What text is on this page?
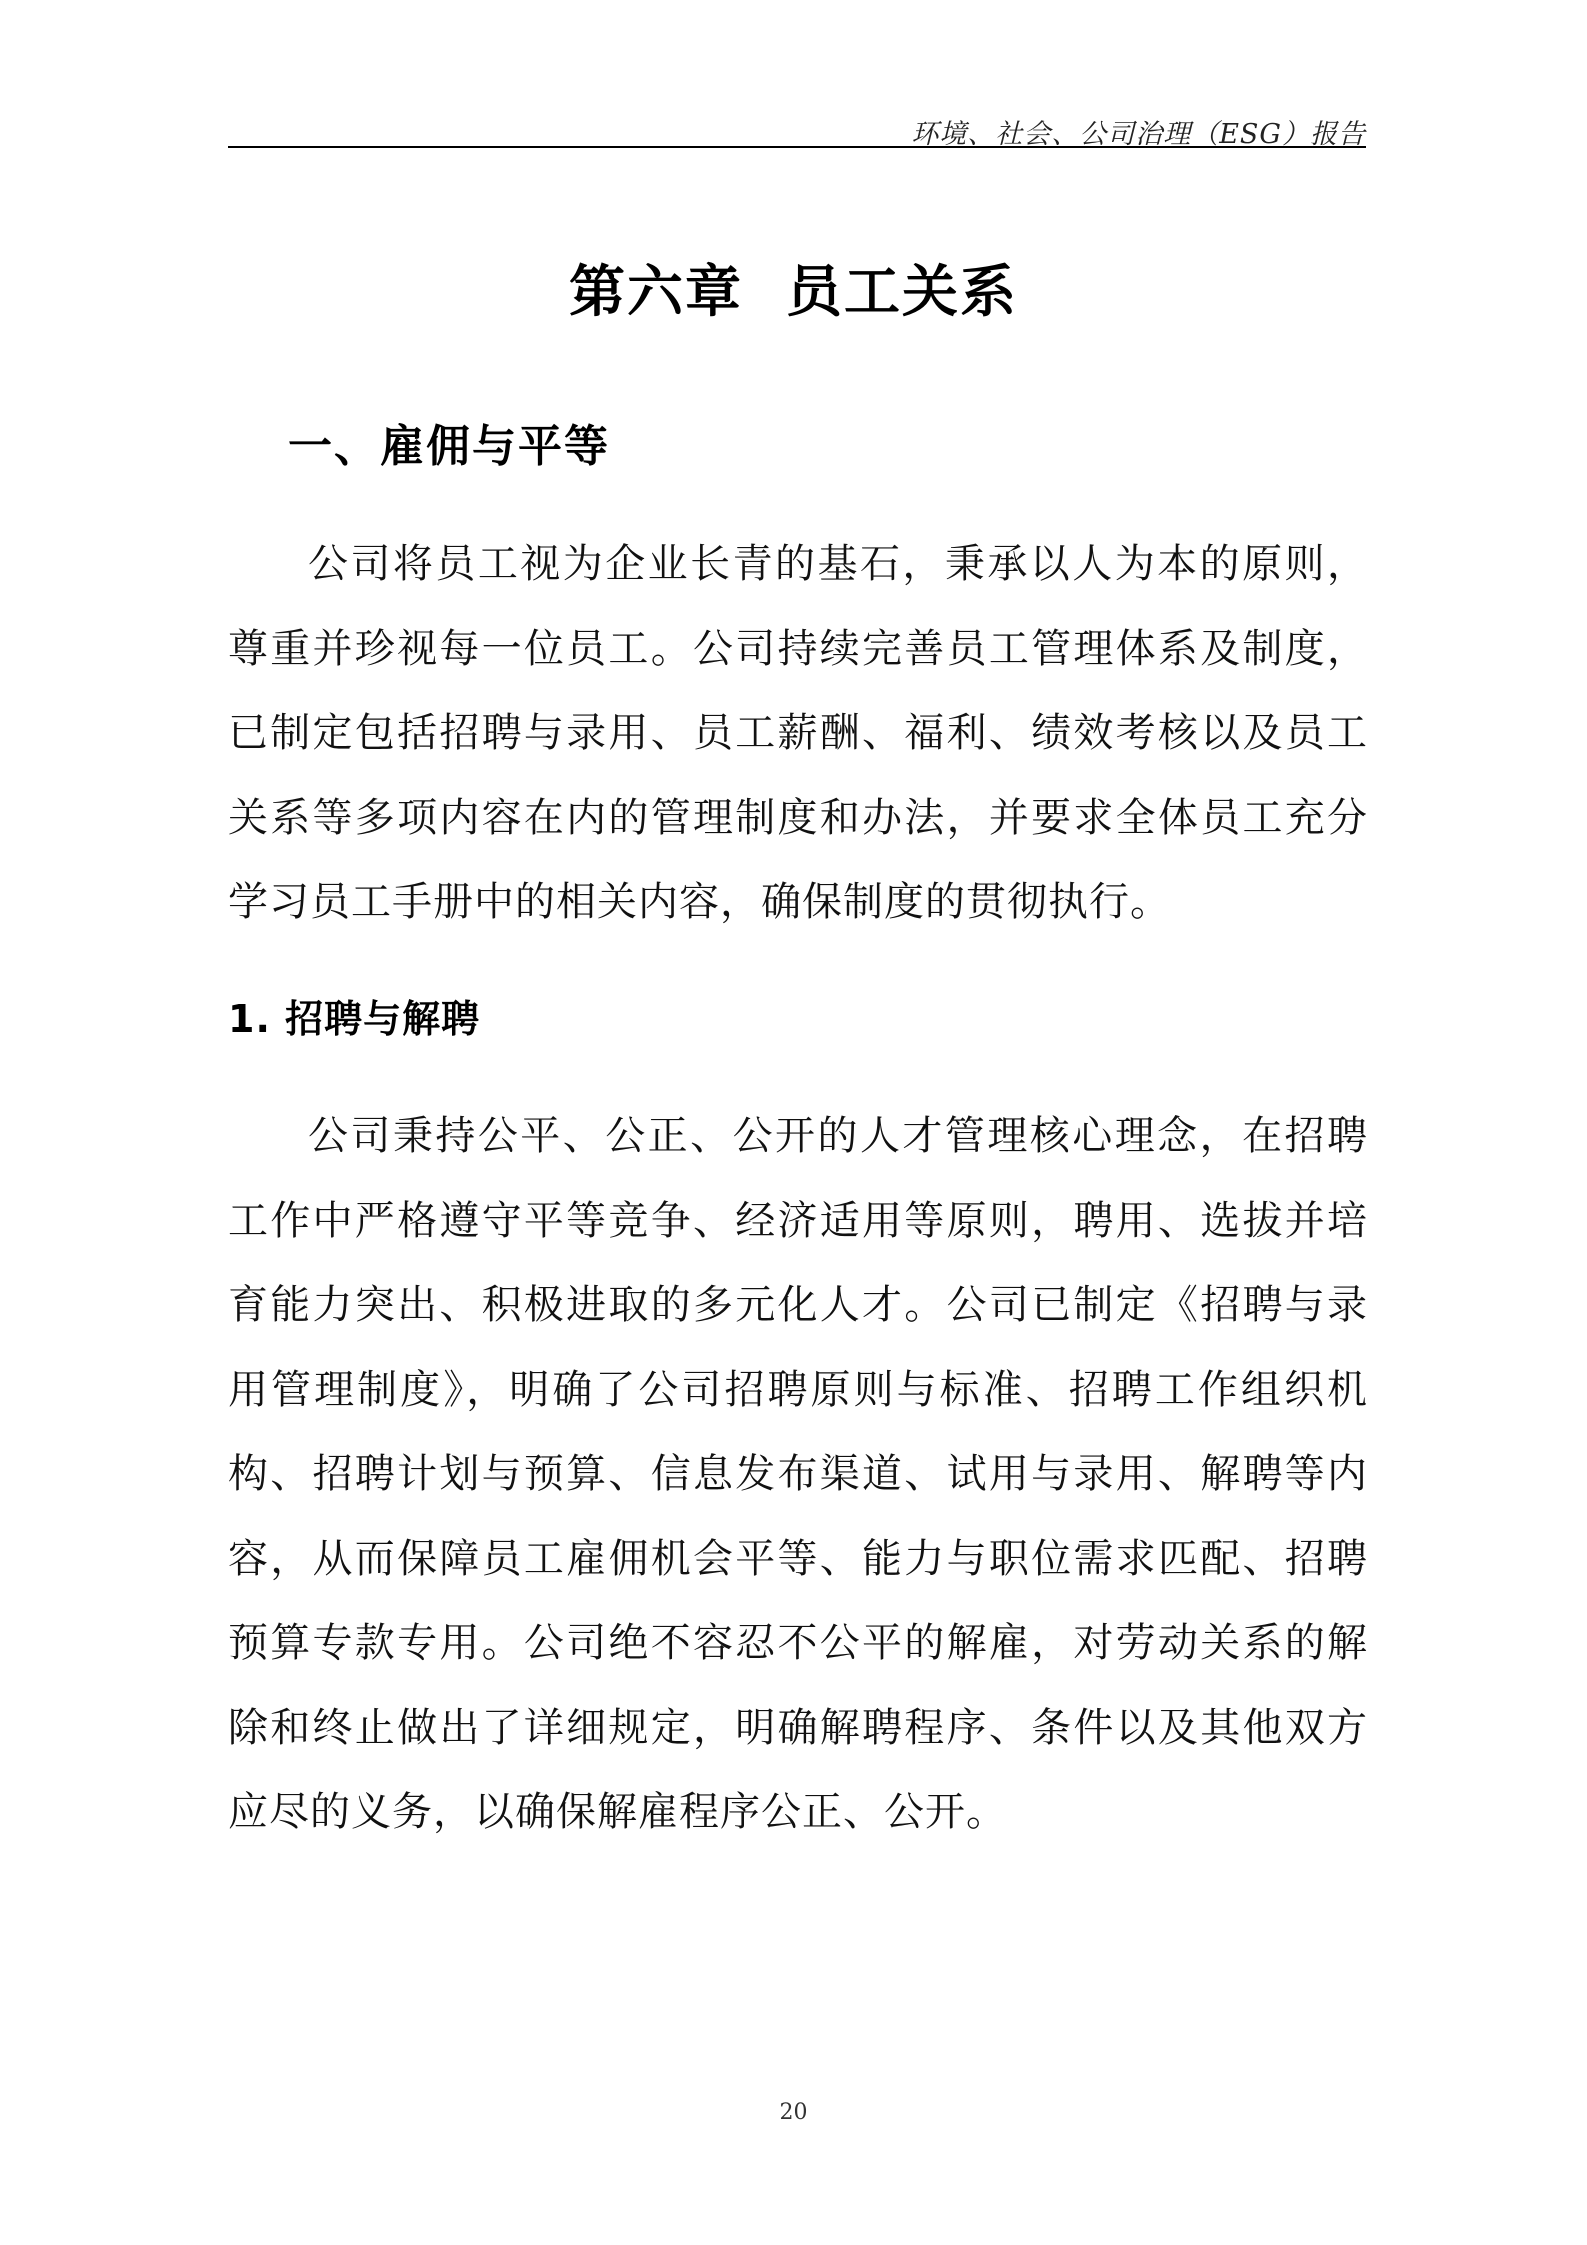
环境、社会、公司治理（ESG）报告
第六章  员工关系
一、雇佣与平等

公司将员工视为企业长青的基石，秉承以人为本的原则，尊重并珍视每一位员工。公司持续完善员工管理体系及制度，已制定包括招聘与录用、员工薪酬、福利、绩效考核以及员工关系等多项内容在内的管理制度和办法，并要求全体员工充分学习员工手册中的相关内容，确保制度的贯彻执行。

1. 招聘与解聘

公司秉持公平、公正、公开的人才管理核心理念，在招聘工作中严格遵守平等竞争、经济适用等原则，聘用、选拔并培育能力突出、积极进取的多元化人才。公司已制定《招聘与录用管理制度》，明确了公司招聘原则与标准、招聘工作组织机构、招聘计划与预算、信息发布渠道、试用与录用、解聘等内容，从而保障员工雇佣机会平等、能力与职位需求匹配、招聘预算专款专用。公司绝不容忍不公平的解雇，对劳动关系的解除和终止做出了详细规定，明确解聘程序、条件以及其他双方应尽的义务，以确保解雇程序公正、公开。

20
